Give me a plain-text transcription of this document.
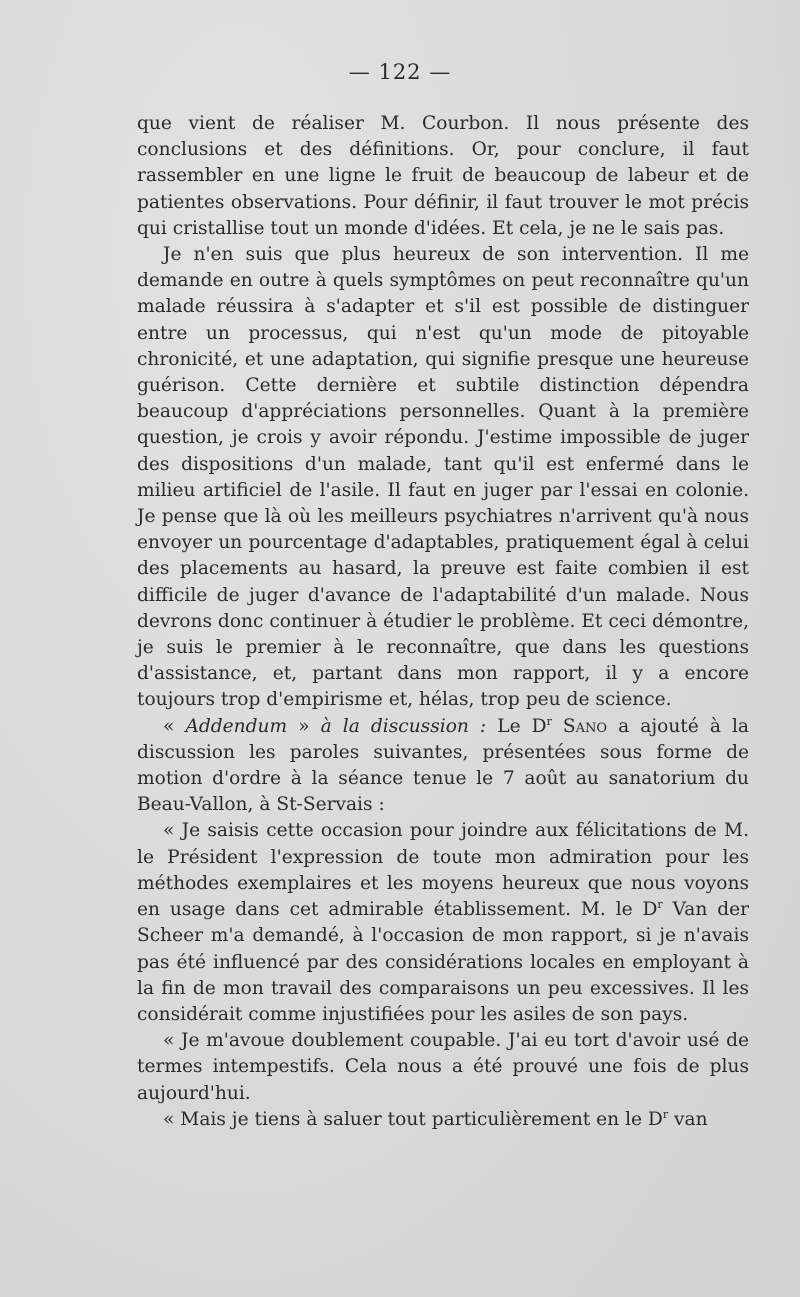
— 122 —

que vient de réaliser M. Courbon. Il nous présente des conclusions et des définitions. Or, pour conclure, il faut rassembler en une ligne le fruit de beaucoup de labeur et de patientes observations. Pour définir, il faut trouver le mot précis qui cristallise tout un monde d'idées. Et cela, je ne le sais pas.

Je n'en suis que plus heureux de son intervention. Il me demande en outre à quels symptômes on peut reconnaître qu'un malade réussira à s'adapter et s'il est possible de distinguer entre un processus, qui n'est qu'un mode de pitoyable chronicité, et une adaptation, qui signifie presque une heureuse guérison. Cette dernière et subtile distinction dépendra beaucoup d'appréciations personnelles. Quant à la première question, je crois y avoir répondu. J'estime impossible de juger des dispositions d'un malade, tant qu'il est enfermé dans le milieu artificiel de l'asile. Il faut en juger par l'essai en colonie. Je pense que là où les meilleurs psychiatres n'arrivent qu'à nous envoyer un pourcentage d'adaptables, pratiquement égal à celui des placements au hasard, la preuve est faite combien il est difficile de juger d'avance de l'adaptabilité d'un malade. Nous devrons donc continuer à étudier le problème. Et ceci démontre, je suis le premier à le reconnaître, que dans les questions d'assistance, et, partant dans mon rapport, il y a encore toujours trop d'empirisme et, hélas, trop peu de science.

« Addendum » à la discussion : Le $D^r$ Sano a ajouté à la discussion les paroles suivantes, présentées sous forme de motion d'ordre à la séance tenue le 7 août au sanatorium du Beau-Vallon, à St-Servais :

« Je saisis cette occasion pour joindre aux félicitations de M. le Président l'expression de toute mon admiration pour les méthodes exemplaires et les moyens heureux que nous voyons en usage dans cet admirable établissement. M. le $D^r$ Van der Scheer m'a demandé, à l'occasion de mon rapport, si je n'avais pas été influencé par des considérations locales en employant à la fin de mon travail des comparaisons un peu excessives. Il les considérait comme injustifiées pour les asiles de son pays.

« Je m'avoue doublement coupable. J'ai eu tort d'avoir usé de termes intempestifs. Cela nous a été prouvé une fois de plus aujourd'hui.

« Mais je tiens à saluer tout particulièrement en le $D^r$ van
